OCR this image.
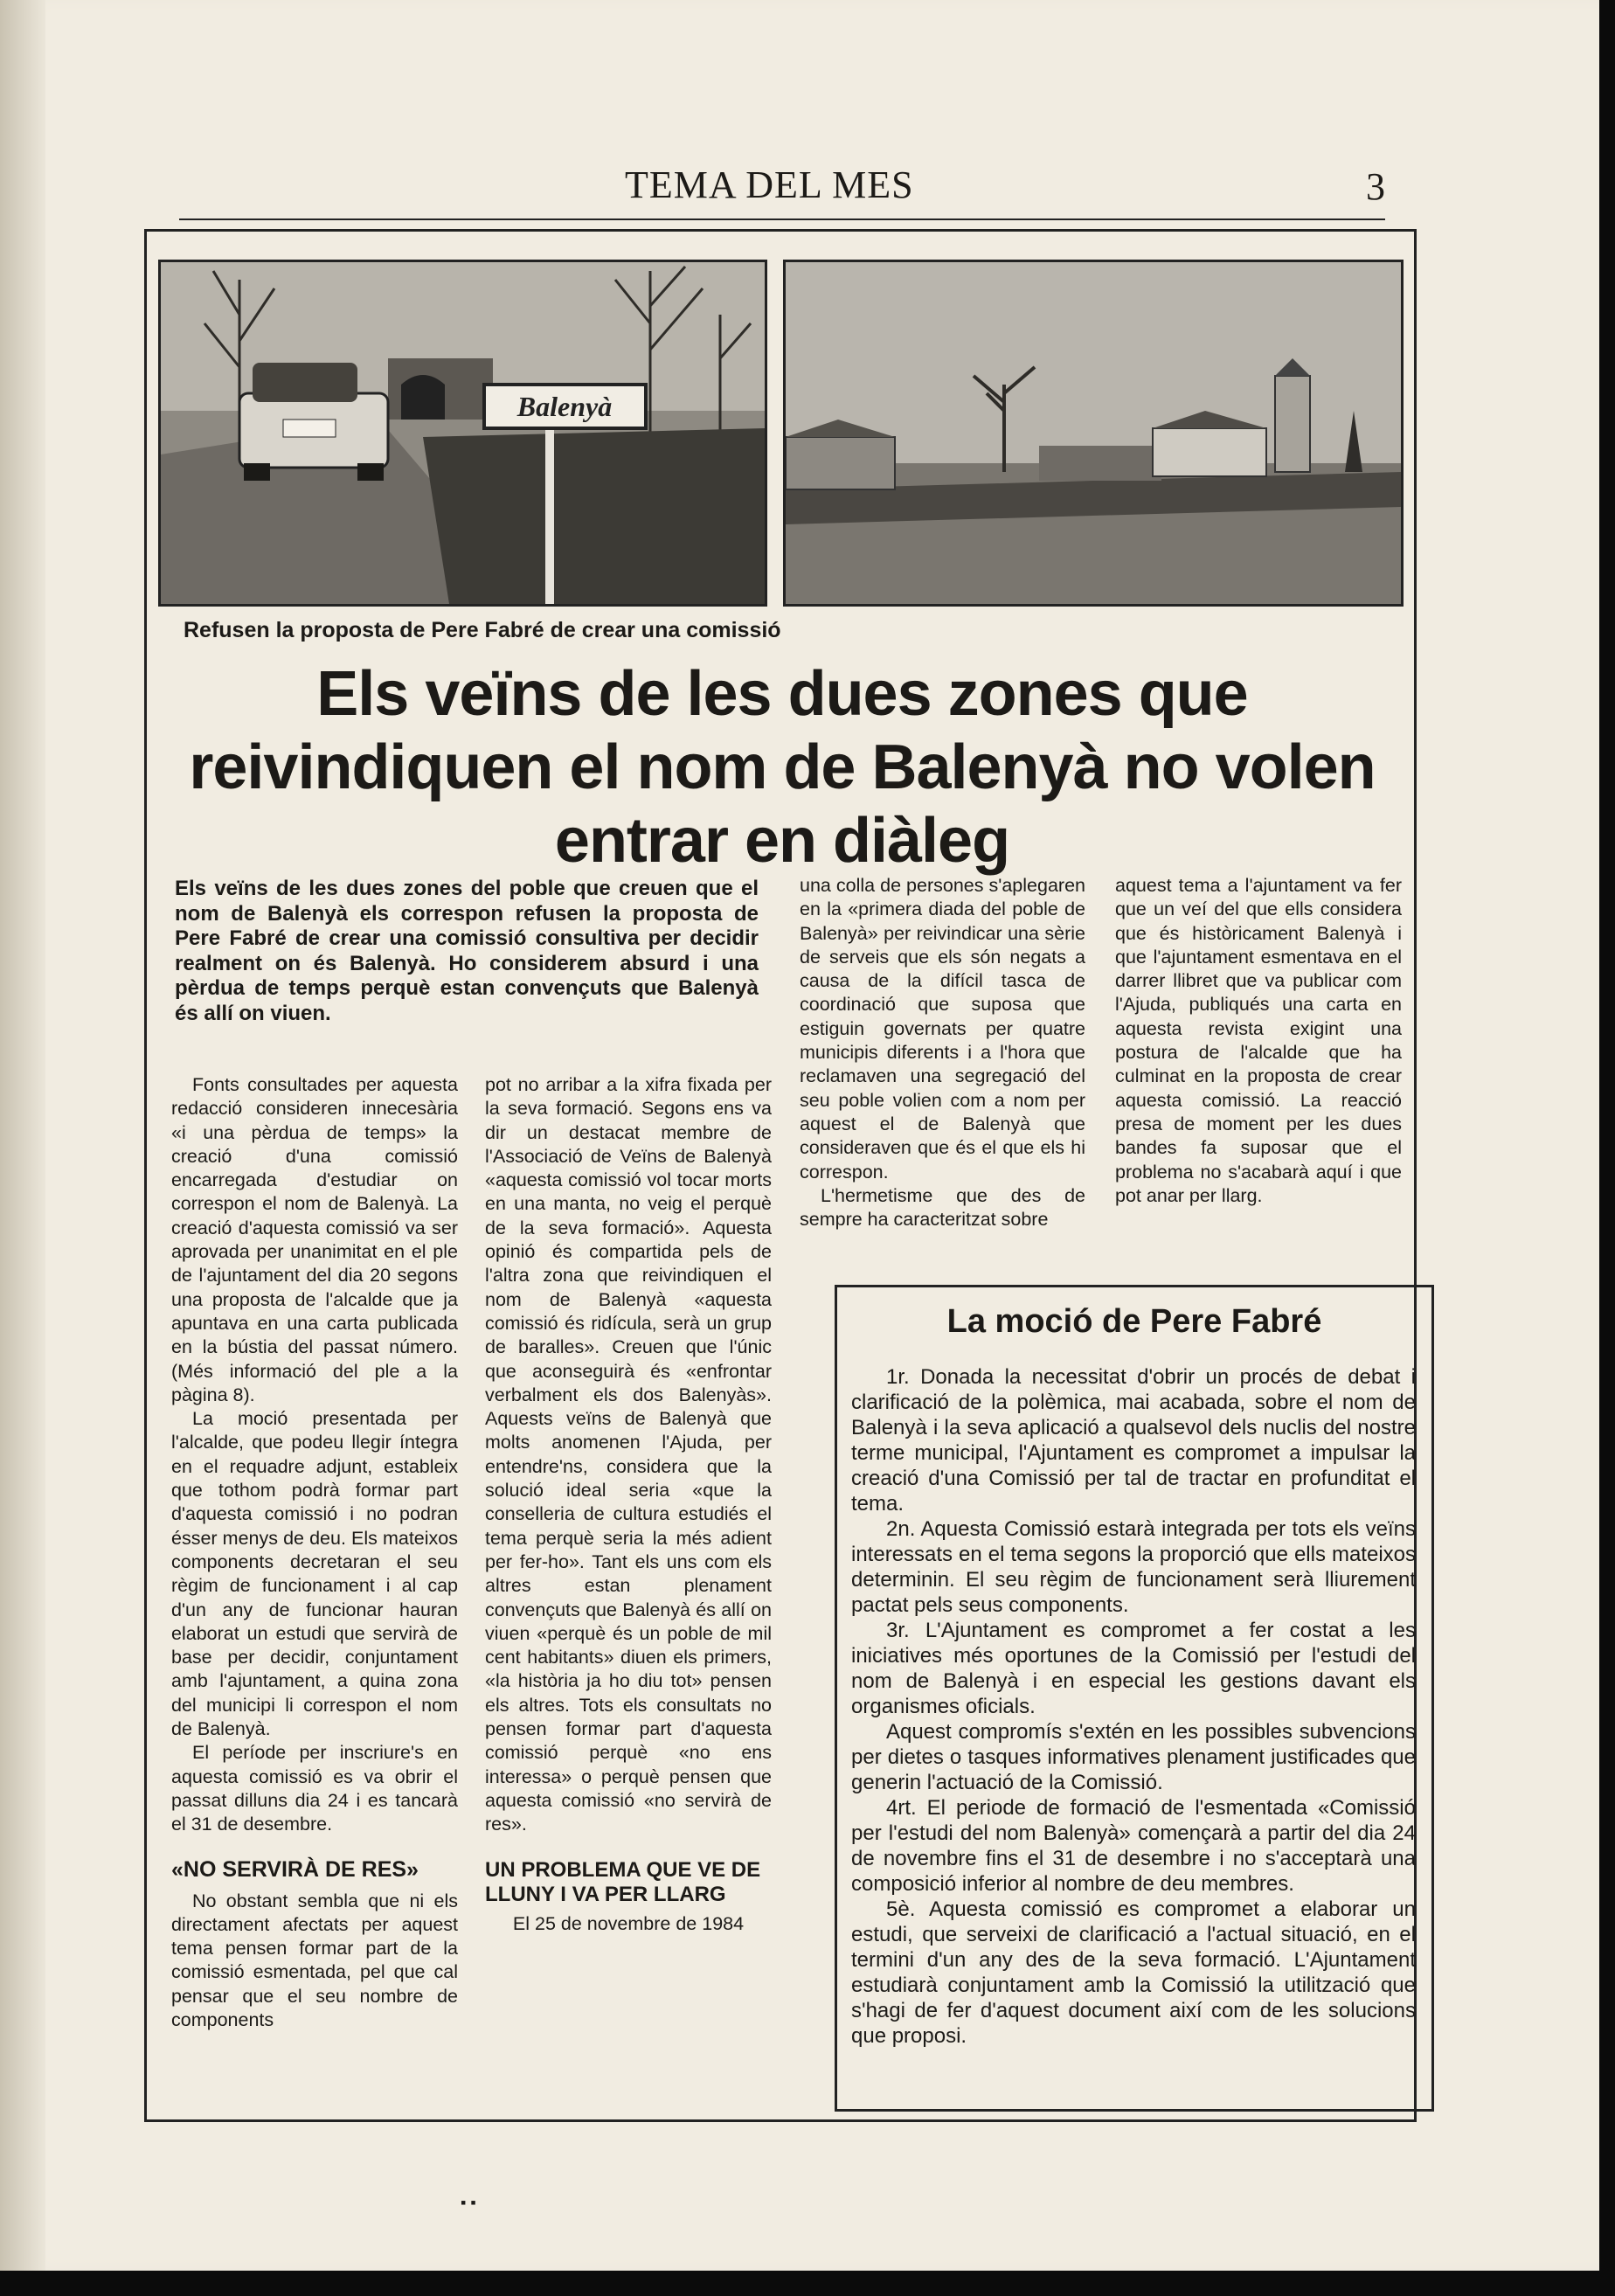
TEMA DEL MES	3
Balenyà
Refusen la proposta de Pere Fabré de crear una comissió
Els veïns de les dues zones que
reivindiquen el nom de Balenyà no volen
entrar en diàleg

Els veïns de les dues zones del poble que creuen que el nom de Balenyà els correspon refusen la proposta de Pere Fabré de crear una comissió consultiva per decidir realment on és Balenyà. Ho considerem absurd i una pèrdua de temps perquè estan convençuts que Balenyà és allí on viuen.

Fonts consultades per aquesta redacció consideren innecesària «i una pèrdua de temps» la creació d'una comissió encarregada d'estudiar on correspon el nom de Balenyà. La creació d'aquesta comissió va ser aprovada per unanimitat en el ple de l'ajuntament del dia 20 segons una proposta de l'alcalde que ja apuntava en una carta publicada en la bústia del passat número. (Més informació del ple a la pàgina 8).

La moció presentada per l'alcalde, que podeu llegir íntegra en el requadre adjunt, estableix que tothom podrà formar part d'aquesta comissió i no podran ésser menys de deu. Els mateixos components decretaran el seu règim de funcionament i al cap d'un any de funcionar hauran elaborat un estudi que servirà de base per decidir, conjuntament amb l'ajuntament, a quina zona del municipi li correspon el nom de Balenyà.

El període per inscriure's en aquesta comissió es va obrir el passat dilluns dia 24 i es tancarà el 31 de desembre.

«NO SERVIRÀ DE RES»

No obstant sembla que ni els directament afectats per aquest tema pensen formar part de la comissió esmentada, pel que cal pensar que el seu nombre de components

pot no arribar a la xifra fixada per la seva formació. Segons ens va dir un destacat membre de l'Associació de Veïns de Balenyà «aquesta comissió vol tocar morts en una manta, no veig el perquè de la seva formació». Aquesta opinió és compartida pels de l'altra zona que reivindiquen el nom de Balenyà «aquesta comissió és ridícula, serà un grup de baralles». Creuen que l'únic que aconseguirà és «enfrontar verbalment els dos Balenyàs». Aquests veïns de Balenyà que molts anomenen l'Ajuda, per entendre'ns, considera que la solució ideal seria «que la conselleria de cultura estudiés el tema perquè seria la més adient per fer-ho». Tant els uns com els altres estan plenament convençuts que Balenyà és allí on viuen «perquè és un poble de mil cent habitants» diuen els primers, «la història ja ho diu tot» pensen els altres. Tots els consultats no pensen formar part d'aquesta comissió perquè «no ens interessa» o perquè pensen que aquesta comissió «no servirà de res».

UN PROBLEMA QUE VE DE LLUNY I VA PER LLARG

El 25 de novembre de 1984

una colla de persones s'aplegaren en la «primera diada del poble de Balenyà» per reivindicar una sèrie de serveis que els són negats a causa de la difícil tasca de coordinació que suposa que estiguin governats per quatre municipis diferents i a l'hora que reclamaven una segregació del seu poble volien com a nom per aquest el de Balenyà que consideraven que és el que els hi correspon.

L'hermetisme que des de sempre ha caracteritzat sobre

aquest tema a l'ajuntament va fer que un veí del que ells considera que és històricament Balenyà i que l'ajuntament esmentava en el darrer llibret que va publicar com l'Ajuda, publiqués una carta en aquesta revista exigint una postura de l'alcalde que ha culminat en la proposta de crear aquesta comissió. La reacció presa de moment per les dues bandes fa suposar que el problema no s'acabarà aquí i que pot anar per llarg.

La moció de Pere Fabré

1r. Donada la necessitat d'obrir un procés de debat i clarificació de la polèmica, mai acabada, sobre el nom de Balenyà i la seva aplicació a qualsevol dels nuclis del nostre terme municipal, l'Ajuntament es compromet a impulsar la creació d'una Comissió per tal de tractar en profunditat el tema.

2n. Aquesta Comissió estarà integrada per tots els veïns interessats en el tema segons la proporció que ells mateixos determinin. El seu règim de funcionament serà lliurement pactat pels seus components.

3r. L'Ajuntament es compromet a fer costat a les iniciatives més oportunes de la Comissió per l'estudi del nom de Balenyà i en especial les gestions davant els organismes oficials.

Aquest compromís s'extén en les possibles subvencions per dietes o tasques informatives plenament justificades que generin l'actuació de la Comissió.

4rt. El periode de formació de l'esmentada «Comissió per l'estudi del nom Balenyà» començarà a partir del dia 24 de novembre fins el 31 de desembre i no s'acceptarà una composició inferior al nombre de deu membres.

5è. Aquesta comissió es compromet a elaborar un estudi, que serveixi de clarificació a l'actual situació, en el termini d'un any des de la seva formació. L'Ajuntament estudiarà conjuntament amb la Comissió la utilització que s'hagi de fer d'aquest document així com de les solucions que proposi.

▪ ▪
